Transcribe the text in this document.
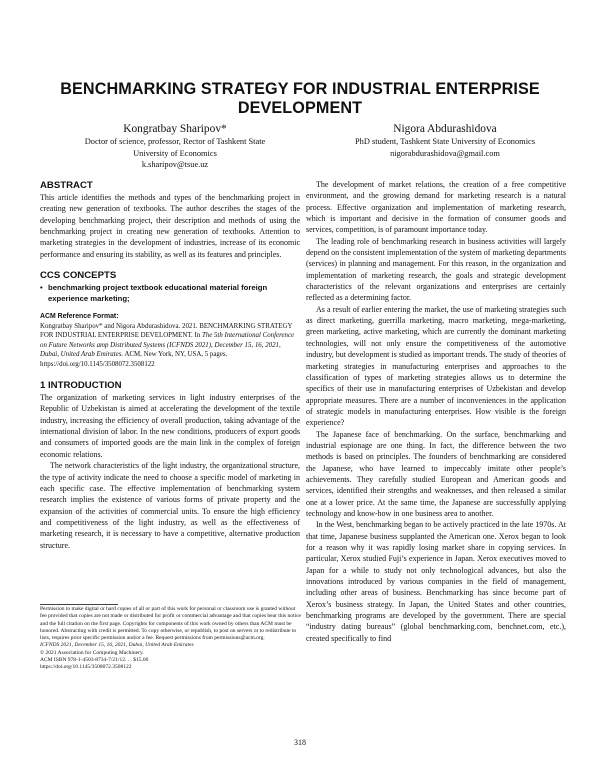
BENCHMARKING STRATEGY FOR INDUSTRIAL ENTERPRISE DEVELOPMENT
Kongratbay Sharipov*
Doctor of science, professor, Rector of Tashkent State
University of Economics
k.sharipov@tsue.uz
Nigora Abdurashidova
PhD student, Tashkent State University of Economics
nigorabdurashidova@gmail.com
ABSTRACT

This article identifies the methods and types of the benchmarking project in creating new generation of textbooks. The author describes the stages of the developing benchmarking project, their description and methods of using the benchmarking project in creating new generation of textbooks. Attention to marketing strategies in the development of industries, increase of its economic performance and ensuring its stability, as well as its features and principles.

CCS CONCEPTS
• benchmarking project textbook educational material foreign experience marketing;
ACM Reference Format:

Kongratbay Sharipov* and Nigora Abdurashidova. 2021. BENCHMARKING STRATEGY FOR INDUSTRIAL ENTERPRISE DEVELOPMENT. In The 5th International Conference on Future Networks amp Distributed Systems (ICFNDS 2021), December 15, 16, 2021, Dubai, United Arab Emirates. ACM, New York, NY, USA, 5 pages. https://doi.org/10.1145/3508072.3508122

1 INTRODUCTION

The organization of marketing services in light industry enterprises of the Republic of Uzbekistan is aimed at accelerating the development of the textile industry, increasing the efficiency of overall production, taking advantage of the international division of labor. In the new conditions, producers of export goods and consumers of imported goods are the main link in the complex of foreign economic relations.

The network characteristics of the light industry, the organizational structure, the type of activity indicate the need to choose a specific model of marketing in each specific case. The effective implementation of benchmarking system research implies the existence of various forms of private property and the expansion of the activities of commercial units. To ensure the high efficiency and competitiveness of the light industry, as well as the effectiveness of marketing research, it is necessary to have a competitive, alternative production structure.

Permission to make digital or hard copies of all or part of this work for personal or classroom use is granted without fee provided that copies are not made or distributed for profit or commercial advantage and that copies bear this notice and the full citation on the first page. Copyrights for components of this work owned by others than ACM must be honored. Abstracting with credit is permitted. To copy otherwise, or republish, to post on servers or to redistribute to lists, requires prior specific permission and/or a fee. Request permissions from permissions@acm.org.

ICFNDS 2021, December 15, 16, 2021, Dubai, United Arab Emirates

© 2021 Association for Computing Machinery.

ACM ISBN 978-1-4503-8734-7/21/12. . . $15.00

https://doi.org/10.1145/3508072.3508122

The development of market relations, the creation of a free competitive environment, and the growing demand for marketing research is a natural process. Effective organization and implementation of marketing research, which is important and decisive in the formation of consumer goods and services, competition, is of paramount importance today.

The leading role of benchmarking research in business activities will largely depend on the consistent implementation of the system of marketing departments (services) in planning and management. For this reason, in the organization and implementation of marketing research, the goals and strategic development characteristics of the relevant organizations and enterprises are certainly reflected as a determining factor.

As a result of earlier entering the market, the use of marketing strategies such as direct marketing, guerrilla marketing, macro marketing, mega-marketing, green marketing, active marketing, which are currently the dominant marketing technologies, will not only ensure the competitiveness of the automotive industry, but development is studied as important trends. The study of theories of marketing strategies in manufacturing enterprises and approaches to the classification of types of marketing strategies allows us to determine the specifics of their use in manufacturing enterprises of Uzbekistan and develop appropriate measures. There are a number of inconveniences in the application of strategic models in manufacturing enterprises. How visible is the foreign experience?

The Japanese face of benchmarking. On the surface, benchmarking and industrial espionage are one thing. In fact, the difference between the two methods is based on principles. The founders of benchmarking are considered the Japanese, who have learned to impeccably imitate other people’s achievements. They carefully studied European and American goods and services, identified their strengths and weaknesses, and then released a similar one at a lower price. At the same time, the Japanese are successfully applying technology and know-how in one business area to another.

In the West, benchmarking began to be actively practiced in the late 1970s. At that time, Japanese business supplanted the American one. Xerox began to look for a reason why it was rapidly losing market share in copying services. In particular, Xerox studied Fuji’s experience in Japan. Xerox executives moved to Japan for a while to study not only technological advances, but also the innovations introduced by various companies in the field of management, including other areas of business. Benchmarking has since become part of Xerox’s business strategy. In Japan, the United States and other countries, benchmarking programs are developed by the government. There are special “industry dating bureaus” (global benchmarking.com, benchnet.com, etc.), created specifically to find

318
